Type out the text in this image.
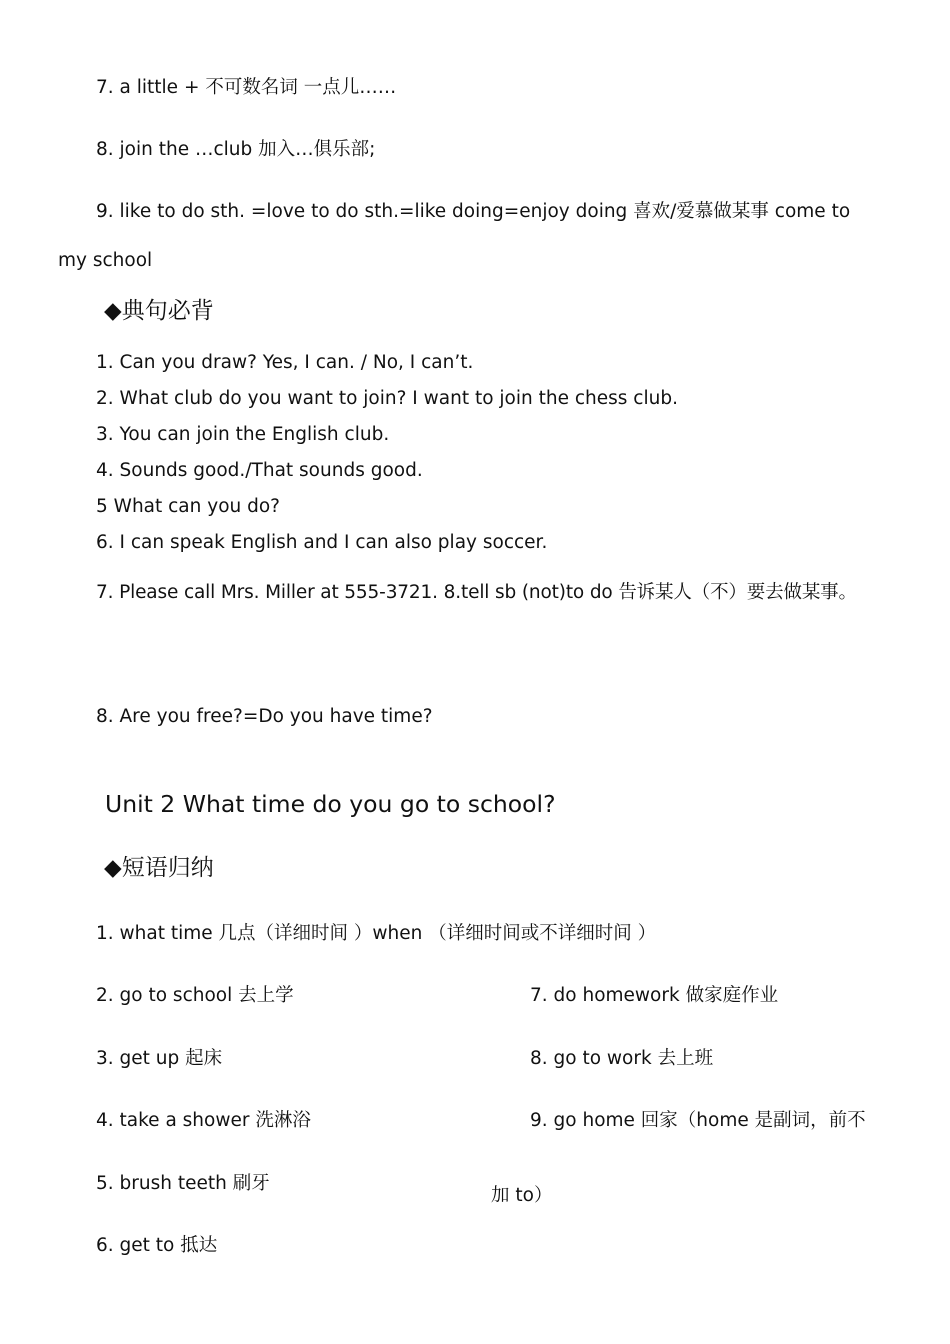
7. a little + 不可数名词 一点儿……
8. join the …club 加入…俱乐部;
9. like to do sth. =love to do sth.=like doing=enjoy doing 喜欢/爱慕做某事 come to
my school
◆典句必背
1. Can you draw? Yes, I can. / No, I can’t.
2. What club do you want to join? I want to join the chess club.
3. You can join the English club.
4. Sounds good./That sounds good.
5 What can you do?
6. I can speak English and I can also play soccer.
7. Please call Mrs. Miller at 555-3721. 8.tell sb (not)to do 告诉某人（不）要去做某事。
8. Are you free?=Do you have time?
Unit 2 What time do you go to school?
◆短语归纳
1. what time 几点（详细时间 ）when （详细时间或不详细时间 ）
2. go to school 去上学
3. get up 起床
4. take a shower 洗淋浴
5. brush teeth 刷牙
6. get to 抵达
7. do homework 做家庭作业
8. go to work 去上班
9. go home 回家（home 是副词，前不
加 to）
